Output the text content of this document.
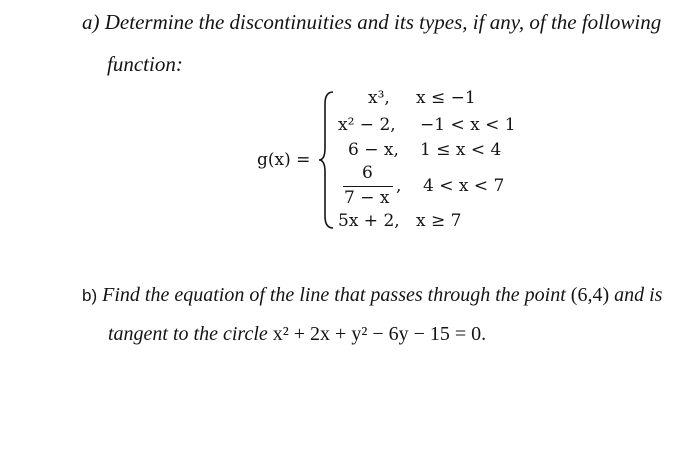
a) Determine the discontinuities and its types, if any, of the following
function:
g(x) =
x³, x ≤ −1
x² − 2, −1 < x < 1
6 − x, 1 ≤ x < 4
6
7 − x
, 4 < x < 7
5x + 2, x ≥ 7
b) Find the equation of the line that passes through the point (6,4) and is
tangent to the circle x² + 2x + y² − 6y − 15 = 0.
